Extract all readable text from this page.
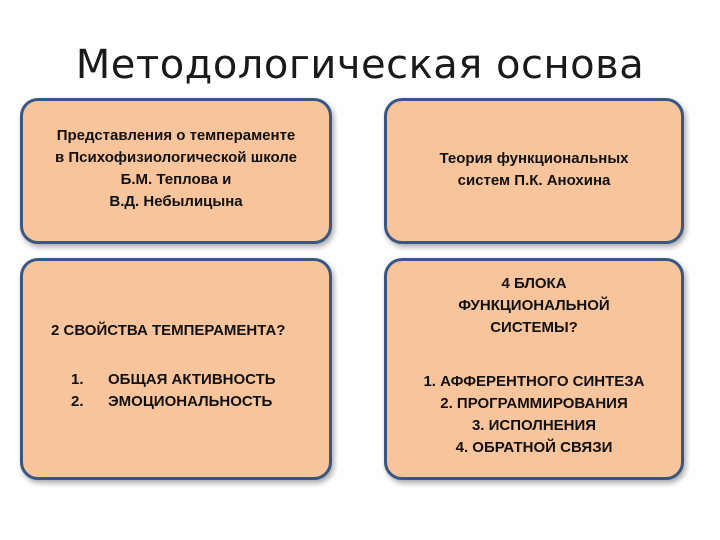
Методологическая основа
Представления о темпераменте
в Психофизиологической школе
Б.М. Теплова и
В.Д. Небылицына
Теория функциональных
систем П.К. Анохина
2 СВОЙСТВА ТЕМПЕРАМЕНТА?
1.	ОБЩАЯ АКТИВНОСТЬ
2.	ЭМОЦИОНАЛЬНОСТЬ
4 БЛОКА
ФУНКЦИОНАЛЬНОЙ
СИСТЕМЫ?
1. АФФЕРЕНТНОГО СИНТЕЗА
2. ПРОГРАММИРОВАНИЯ
3. ИСПОЛНЕНИЯ
4. ОБРАТНОЙ СВЯЗИ
